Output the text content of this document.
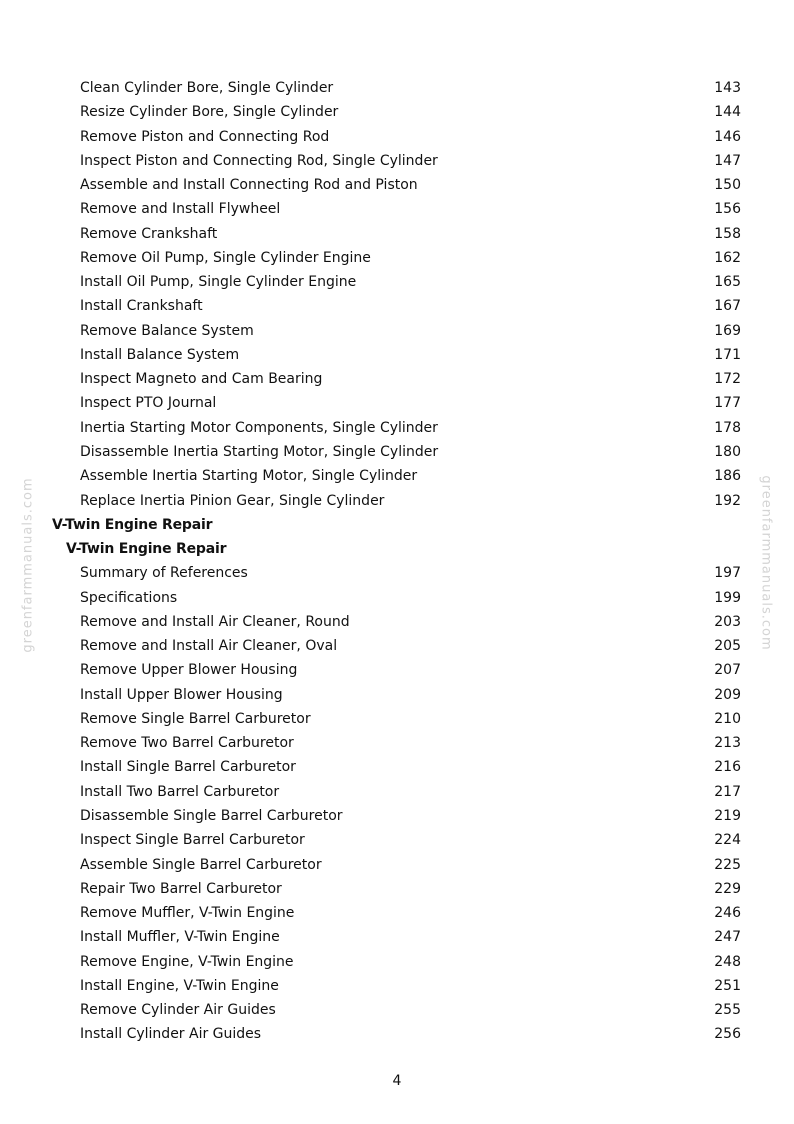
greenfarmmanuals.com	greenfarmmanuals.com
Clean Cylinder Bore, Single Cylinder	143
Resize Cylinder Bore, Single Cylinder	144
Remove Piston and Connecting Rod	146
Inspect Piston and Connecting Rod, Single Cylinder	147
Assemble and Install Connecting Rod and Piston	150
Remove and Install Flywheel	156
Remove Crankshaft	158
Remove Oil Pump, Single Cylinder Engine	162
Install Oil Pump, Single Cylinder Engine	165
Install Crankshaft	167
Remove Balance System	169
Install Balance System	171
Inspect Magneto and Cam Bearing	172
Inspect PTO Journal	177
Inertia Starting Motor Components, Single Cylinder	178
Disassemble Inertia Starting Motor, Single Cylinder	180
Assemble Inertia Starting Motor, Single Cylinder	186
Replace Inertia Pinion Gear, Single Cylinder	192
V-Twin Engine Repair
V-Twin Engine Repair
Summary of References	197
Specifications	199
Remove and Install Air Cleaner, Round	203
Remove and Install Air Cleaner, Oval	205
Remove Upper Blower Housing	207
Install Upper Blower Housing	209
Remove Single Barrel Carburetor	210
Remove Two Barrel Carburetor	213
Install Single Barrel Carburetor	216
Install Two Barrel Carburetor	217
Disassemble Single Barrel Carburetor	219
Inspect Single Barrel Carburetor	224
Assemble Single Barrel Carburetor	225
Repair Two Barrel Carburetor	229
Remove Muffler, V-Twin Engine	246
Install Muffler, V-Twin Engine	247
Remove Engine, V-Twin Engine	248
Install Engine, V-Twin Engine	251
Remove Cylinder Air Guides	255
Install Cylinder Air Guides	256
4
